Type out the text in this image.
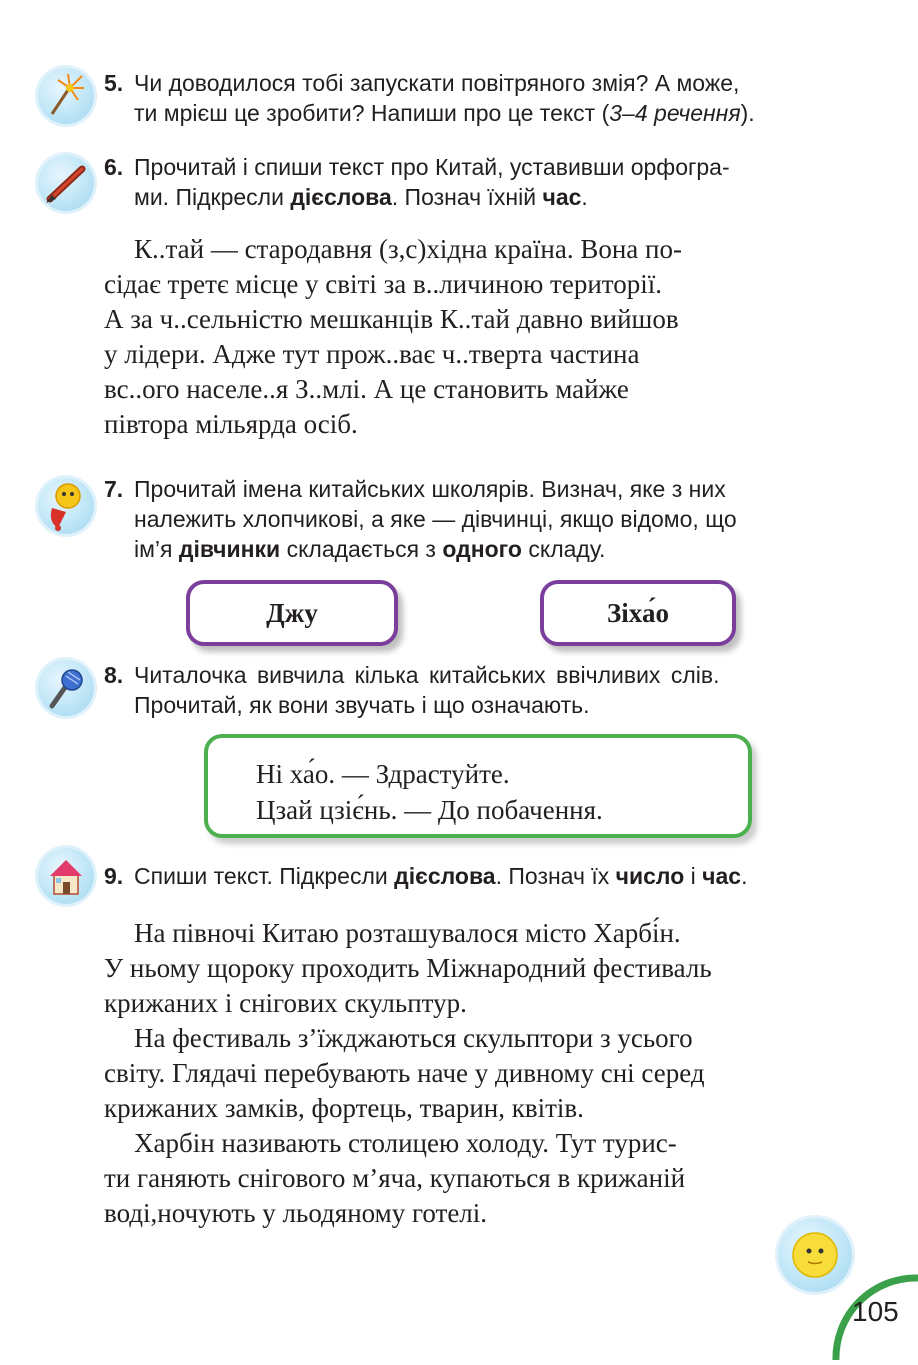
5. Чи доводилося тобі запускати повітряного змія? А може,
ти мрієш це зробити? Напиши про це текст (3–4 речення).
6. Прочитай і спиши текст про Китай, уставивши орфогра-
ми. Підкресли дієслова. Познач їхній час.

К..тай — стародавня (з,с)хідна країна. Вона по-

сідає третє місце у світі за в..личиною території.

А за ч..сельністю мешканців К..тай давно вийшов

у лідери. Адже тут прож..ває ч..тверта частина

вс..ого населе..я З..млі. А це становить майже

півтора мільярда осіб.

7. Прочитай імена китайських школярів. Визнач, яке з них
належить хлопчикові, а яке — дівчинці, якщо відомо, що
ім’я дівчинки складається з одного складу.
Джу	Зіха́о
8. Читалочка вивчила кілька китайських ввічливих слів.
Прочитай, як вони звучать і що означають.
Ні ха́о. — Здрастуйте.
Цзай цзіє́нь. — До побачення.
9. Спиши текст. Підкресли дієслова. Познач їх число і час.

На півночі Китаю розташувалося місто Харбі́н.

У ньому щороку проходить Міжнародний фестиваль

крижаних і снігових скульптур.

На фестиваль з’їжджаються скульптори з усього

світу. Глядачі перебувають наче у дивному сні серед

крижаних замків, фортець, тварин, квітів.

Харбін називають столицею холоду. Тут турис-

ти ганяють снігового м’яча, купаються в крижаній

воді,ночують у льодяному готелі.

105
